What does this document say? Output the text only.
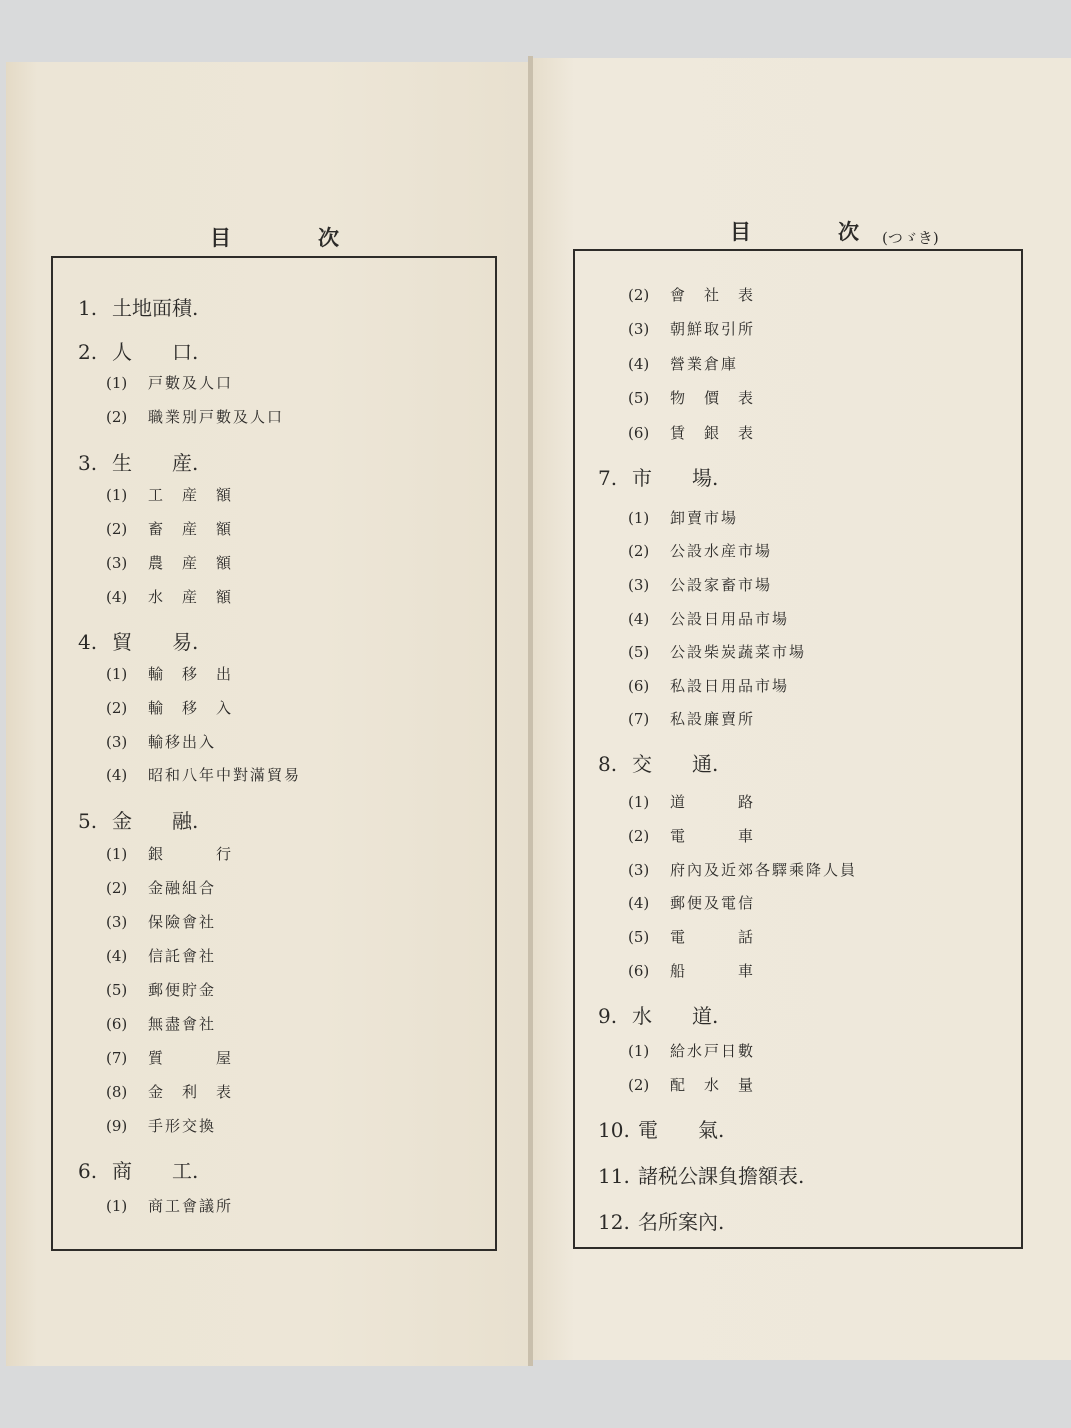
目	次	目	次 (つゞき)
1. 土地面積.
2. 人　　口.
(1) 戸數及人口
(2) 職業別戸數及人口
3. 生　　産.
(1) 工　産　額
(2) 畜　産　額
(3) 農　産　額
(4) 水　産　額
4. 貿　　易.
(1) 輸　移　出
(2) 輸　移　入
(3) 輸移出入
(4) 昭和八年中對滿貿易
5. 金　　融.
(1) 銀　　　行
(2) 金融組合
(3) 保險會社
(4) 信託會社
(5) 郵便貯金
(6) 無盡會社
(7) 質　　　屋
(8) 金　利　表
(9) 手形交換
6. 商　　工.
(1) 商工會議所
(2) 會　社　表
(3) 朝鮮取引所
(4) 營業倉庫
(5) 物　價　表
(6) 賃　銀　表
7. 市　　場.
(1) 卸賣市場
(2) 公設水産市場
(3) 公設家畜市場
(4) 公設日用品市場
(5) 公設柴炭蔬菜市場
(6) 私設日用品市場
(7) 私設廉賣所
8. 交　　通.
(1) 道　　　路
(2) 電　　　車
(3) 府內及近郊各驛乘降人員
(4) 郵便及電信
(5) 電　　　話
(6) 船　　　車
9. 水　　道.
(1) 給水戸日數
(2) 配　水　量
10. 電　　氣.
11. 諸税公課負擔額表.
12. 名所案內.
